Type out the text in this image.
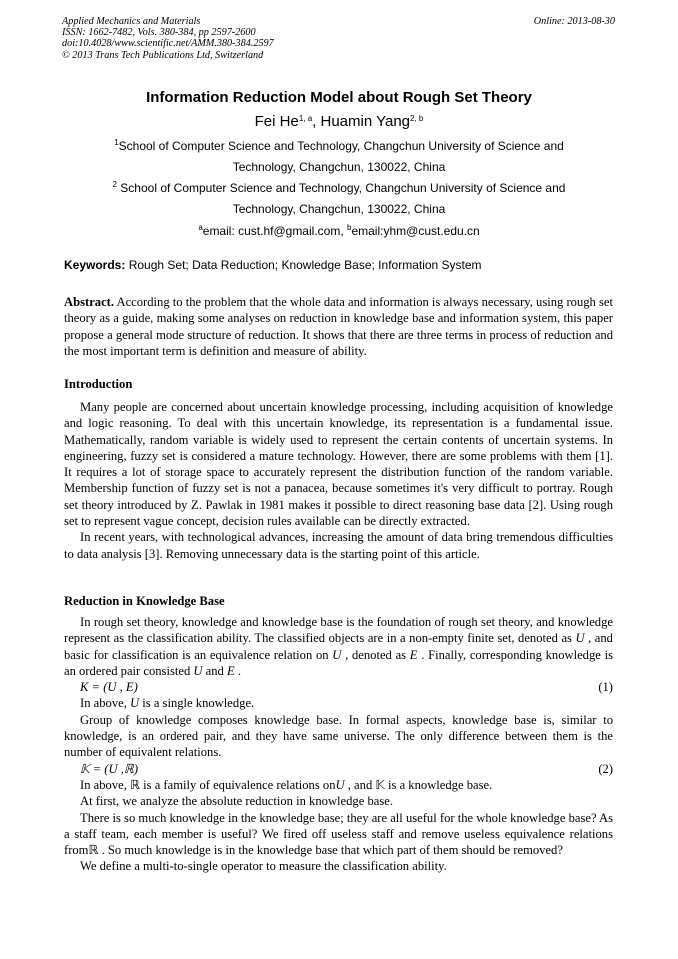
Applied Mechanics and Materials
ISSN: 1662-7482, Vols. 380-384, pp 2597-2600
doi:10.4028/www.scientific.net/AMM.380-384.2597
© 2013 Trans Tech Publications Ltd, Switzerland
Online: 2013-08-30
Information Reduction Model about Rough Set Theory
Fei He$^{1, a}$, Huamin Yang$^{2, b}$
$^1$School of Computer Science and Technology, Changchun University of Science and
Technology, Changchun, 130022, China
$^2$ School of Computer Science and Technology, Changchun University of Science and
Technology, Changchun, 130022, China
$^a$email: cust.hf@gmail.com, $^b$email:yhm@cust.edu.cn
Keywords: Rough Set; Data Reduction; Knowledge Base; Information System

Abstract. According to the problem that the whole data and information is always necessary, using rough set theory as a guide, making some analyses on reduction in knowledge base and information system, this paper propose a general mode structure of reduction. It shows that there are three terms in process of reduction and the most important term is definition and measure of ability.

Introduction

Many people are concerned about uncertain knowledge processing, including acquisition of knowledge and logic reasoning. To deal with this uncertain knowledge, its representation is a fundamental issue. Mathematically, random variable is widely used to represent the certain contents of uncertain systems. In engineering, fuzzy set is considered a mature technology. However, there are some problems with them [1]. It requires a lot of storage space to accurately represent the distribution function of the random variable. Membership function of fuzzy set is not a panacea, because sometimes it's very difficult to portray. Rough set theory introduced by Z. Pawlak in 1981 makes it possible to direct reasoning base data [2]. Using rough set to represent vague concept, decision rules available can be directly extracted.

In recent years, with technological advances, increasing the amount of data bring tremendous difficulties to data analysis [3]. Removing unnecessary data is the starting point of this article.

Reduction in Knowledge Base

In rough set theory, knowledge and knowledge base is the foundation of rough set theory, and knowledge represent as the classification ability. The classified objects are in a non-empty finite set, denoted as U , and basic for classification is an equivalence relation on U , denoted as E . Finally, corresponding knowledge is an ordered pair consisted U and E .

K = (U , E)	(1)

In above, U is a single knowledge.

Group of knowledge composes knowledge base. In formal aspects, knowledge base is, similar to knowledge, is an ordered pair, and they have same universe. The only difference between them is the number of equivalent relations.

𝕂 = (U ,ℝ)	(2)

In above, ℝ is a family of equivalence relations onU , and 𝕂 is a knowledge base.

At first, we analyze the absolute reduction in knowledge base.

There is so much knowledge in the knowledge base; they are all useful for the whole knowledge base? As a staff team, each member is useful? We fired off useless staff and remove useless equivalence relations fromℝ . So much knowledge is in the knowledge base that which part of them should be removed?

We define a multi-to-single operator to measure the classification ability.
